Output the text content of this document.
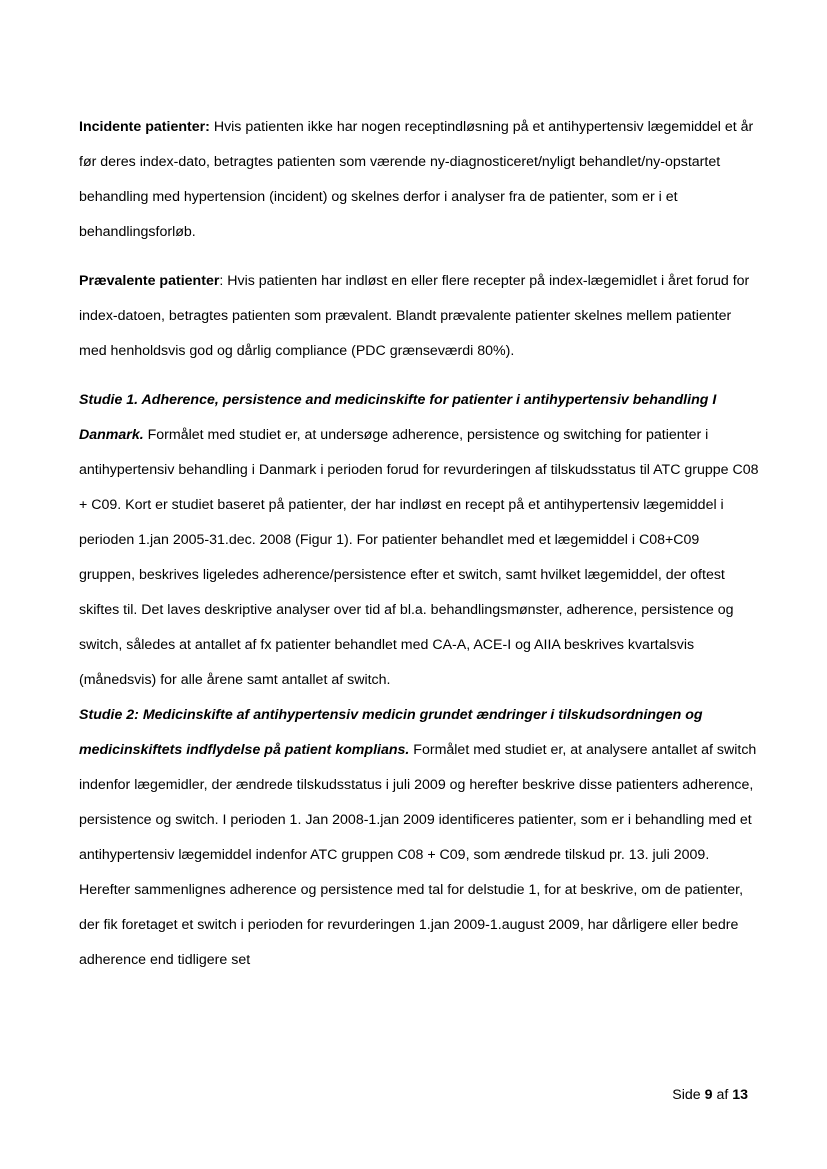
Incidente patienter: Hvis patienten ikke har nogen receptindløsning på et antihypertensiv lægemiddel et år før deres index-dato, betragtes patienten som værende ny-diagnosticeret/nyligt behandlet/ny-opstartet behandling med hypertension (incident) og skelnes derfor i analyser fra de patienter, som er i et behandlingsforløb.

Prævalente patienter: Hvis patienten har indløst en eller flere recepter på index-lægemidlet i året forud for index-datoen, betragtes patienten som prævalent. Blandt prævalente patienter skelnes mellem patienter med henholdsvis god og dårlig compliance (PDC grænseværdi 80%).

Studie 1. Adherence, persistence and medicinskifte for patienter i antihypertensiv behandling I Danmark. Formålet med studiet er, at undersøge adherence, persistence og switching for patienter i antihypertensiv behandling i Danmark i perioden forud for revurderingen af tilskudsstatus til ATC gruppe C08 + C09. Kort er studiet baseret på patienter, der har indløst en recept på et antihypertensiv lægemiddel i perioden 1.jan 2005-31.dec. 2008 (Figur 1). For patienter behandlet med et lægemiddel i C08+C09 gruppen, beskrives ligeledes adherence/persistence efter et switch, samt hvilket lægemiddel, der oftest skiftes til. Det laves deskriptive analyser over tid af bl.a. behandlingsmønster, adherence, persistence og switch, således at antallet af fx patienter behandlet med CA-A, ACE-I og AIIA beskrives kvartalsvis (månedsvis) for alle årene samt antallet af switch.

Studie 2: Medicinskifte af antihypertensiv medicin grundet ændringer i tilskudsordningen og medicinskiftets indflydelse på patient komplians. Formålet med studiet er, at analysere antallet af switch indenfor lægemidler, der ændrede tilskudsstatus i juli 2009 og herefter beskrive disse patienters adherence, persistence og switch. I perioden 1. Jan 2008-1.jan 2009 identificeres patienter, som er i behandling med et antihypertensiv lægemiddel indenfor ATC gruppen C08 + C09, som ændrede tilskud pr. 13. juli 2009. Herefter sammenlignes adherence og persistence med tal for delstudie 1, for at beskrive, om de patienter, der fik foretaget et switch i perioden for revurderingen 1.jan 2009-1.august 2009, har dårligere eller bedre adherence end tidligere set

Side 9 af 13
